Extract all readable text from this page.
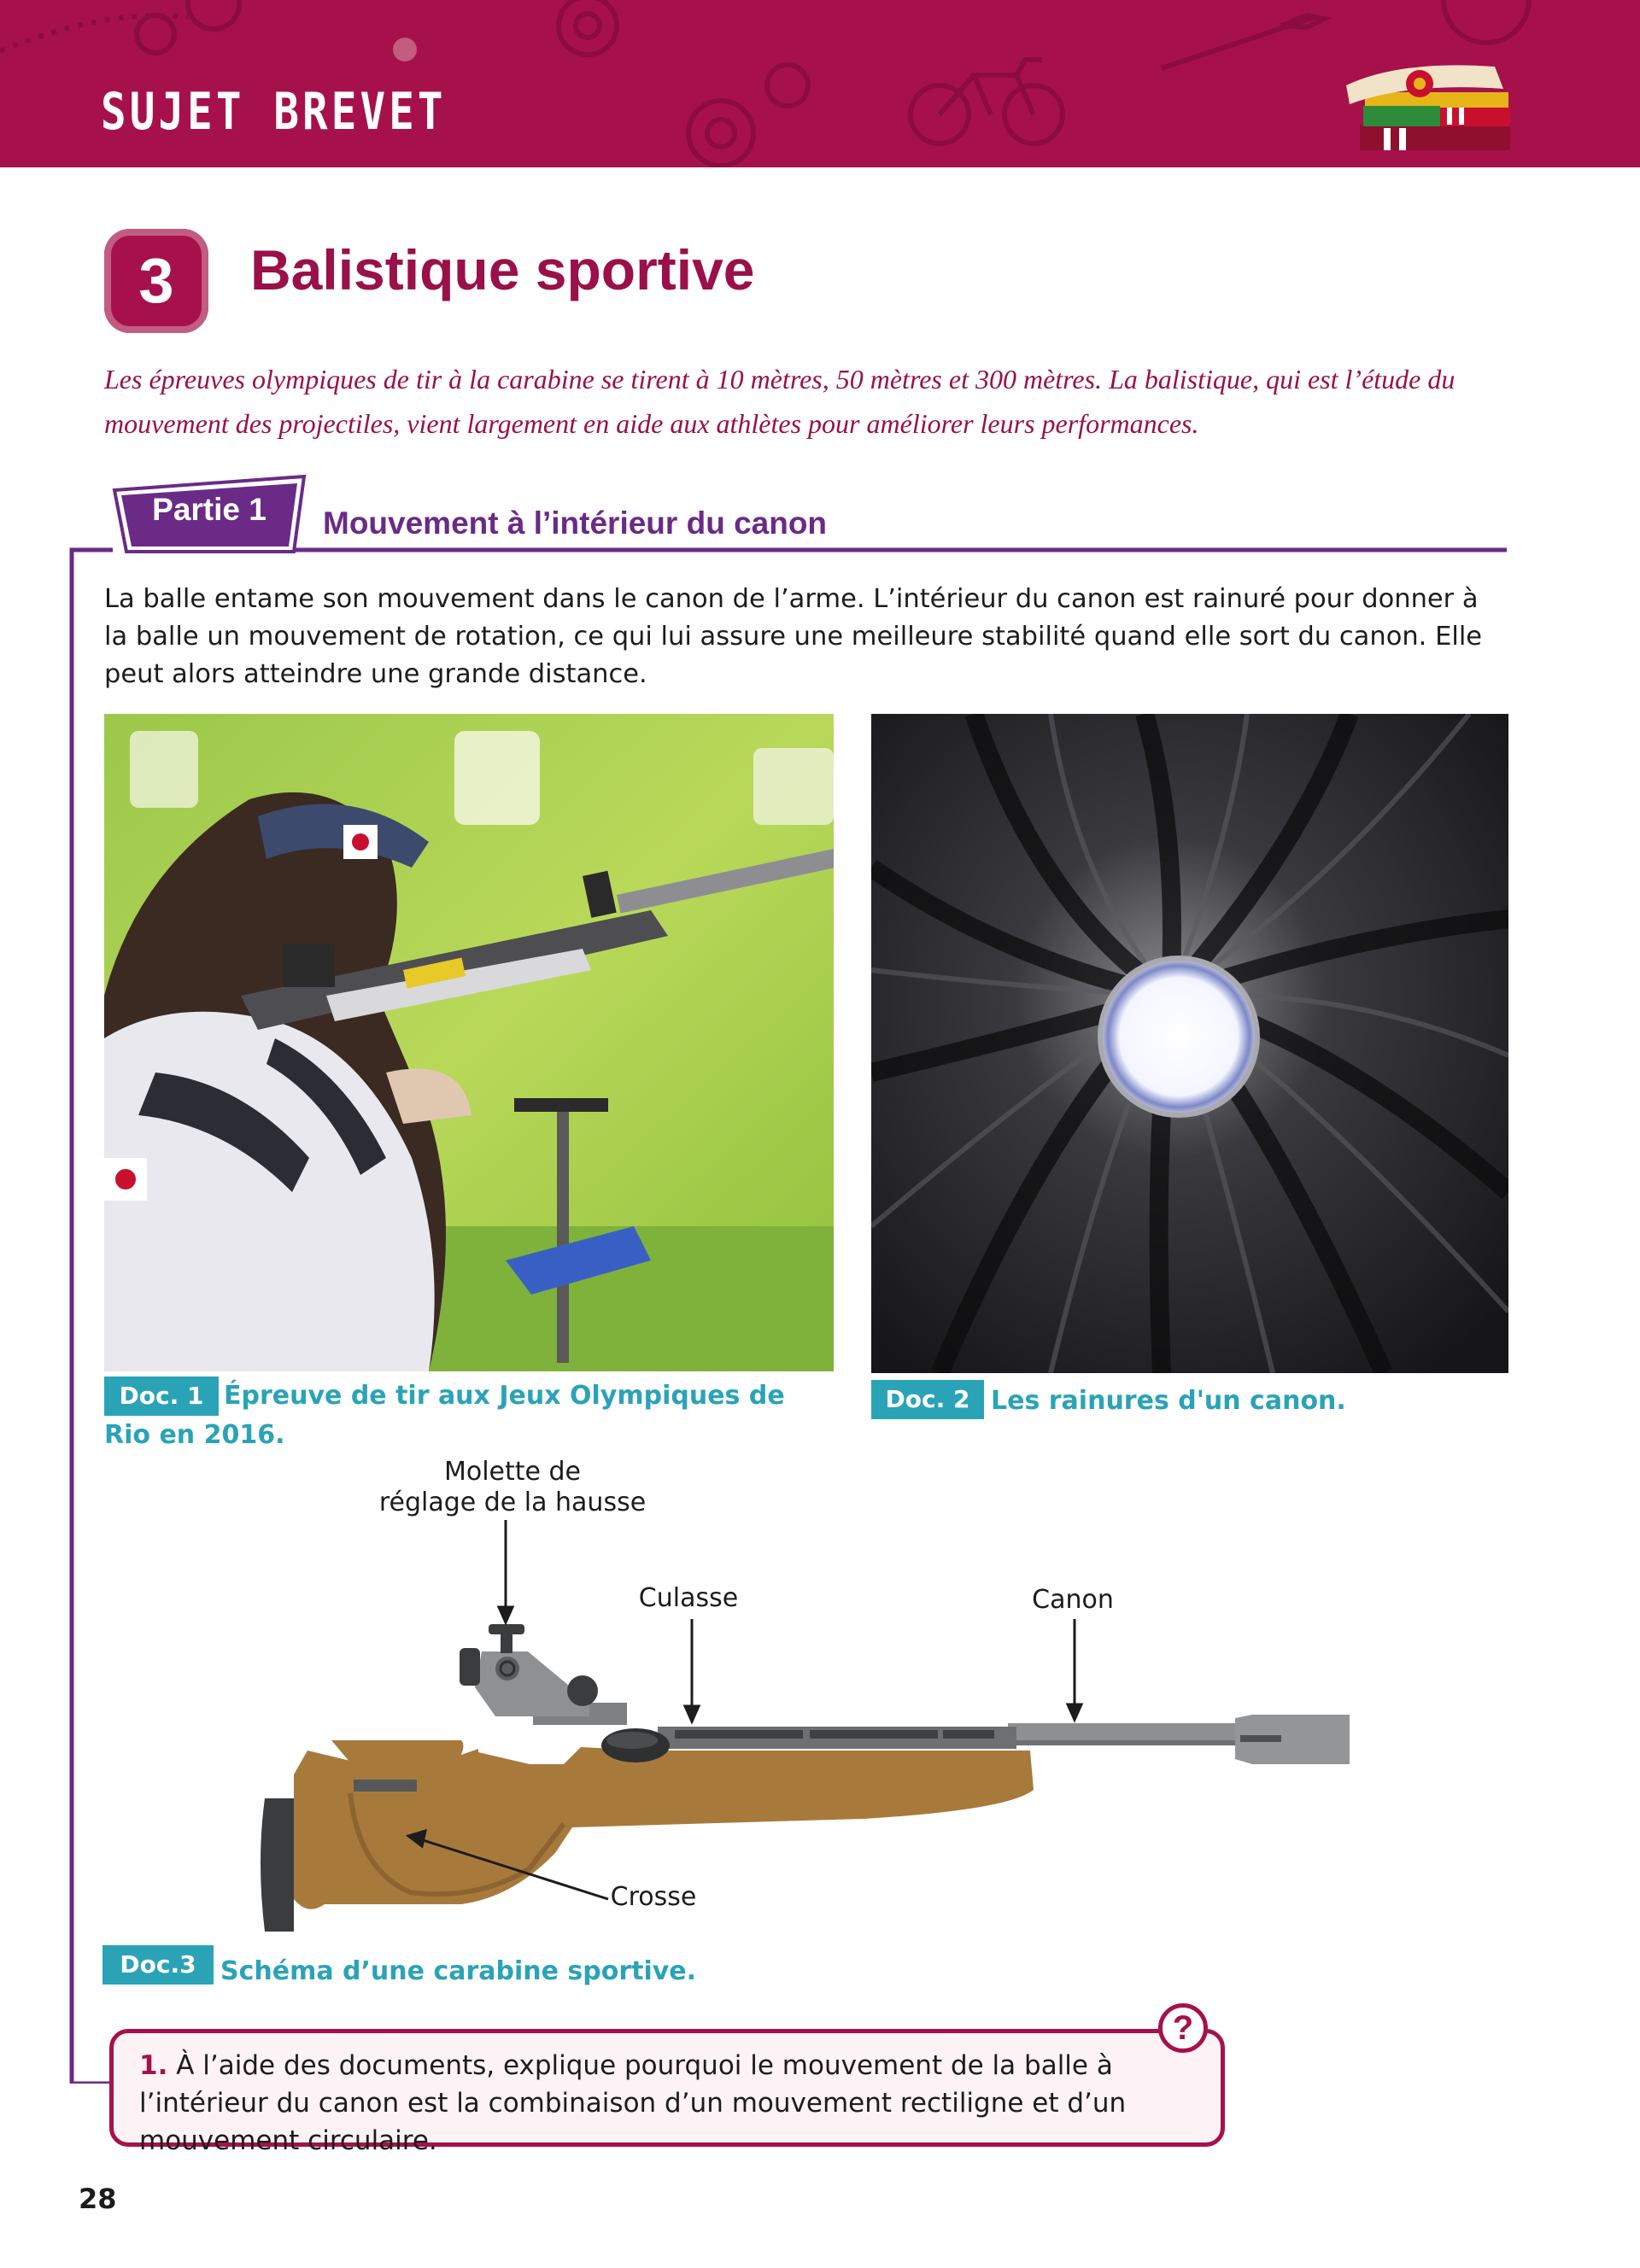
SUJET BREVET
3	Balistique sportive
Les épreuves olympiques de tir à la carabine se tirent à 10 mètres, 50 mètres et 300 mètres. La balistique, qui est l’étude du mouvement des projectiles, vient largement en aide aux athlètes pour améliorer leurs performances.
Partie 1	Mouvement à l’intérieur du canon
La balle entame son mouvement dans le canon de l’arme. L’intérieur du canon est rainuré pour donner à la balle un mouvement de rotation, ce qui lui assure une meilleure stabilité quand elle sort du canon. Elle peut alors atteindre une grande distance.
Doc. 1 Épreuve de tir aux Jeux Olympiques de Rio en 2016.
Doc. 2 Les rainures d'un canon.
Molette de
réglage de la hausse
Culasse	Canon
Crosse
Doc.3 Schéma d’une carabine sportive.
1. À l’aide des documents, explique pourquoi le mouvement de la balle à l’intérieur du canon est la combinaison d’un mouvement rectiligne et d’un mouvement circulaire.
?
28
